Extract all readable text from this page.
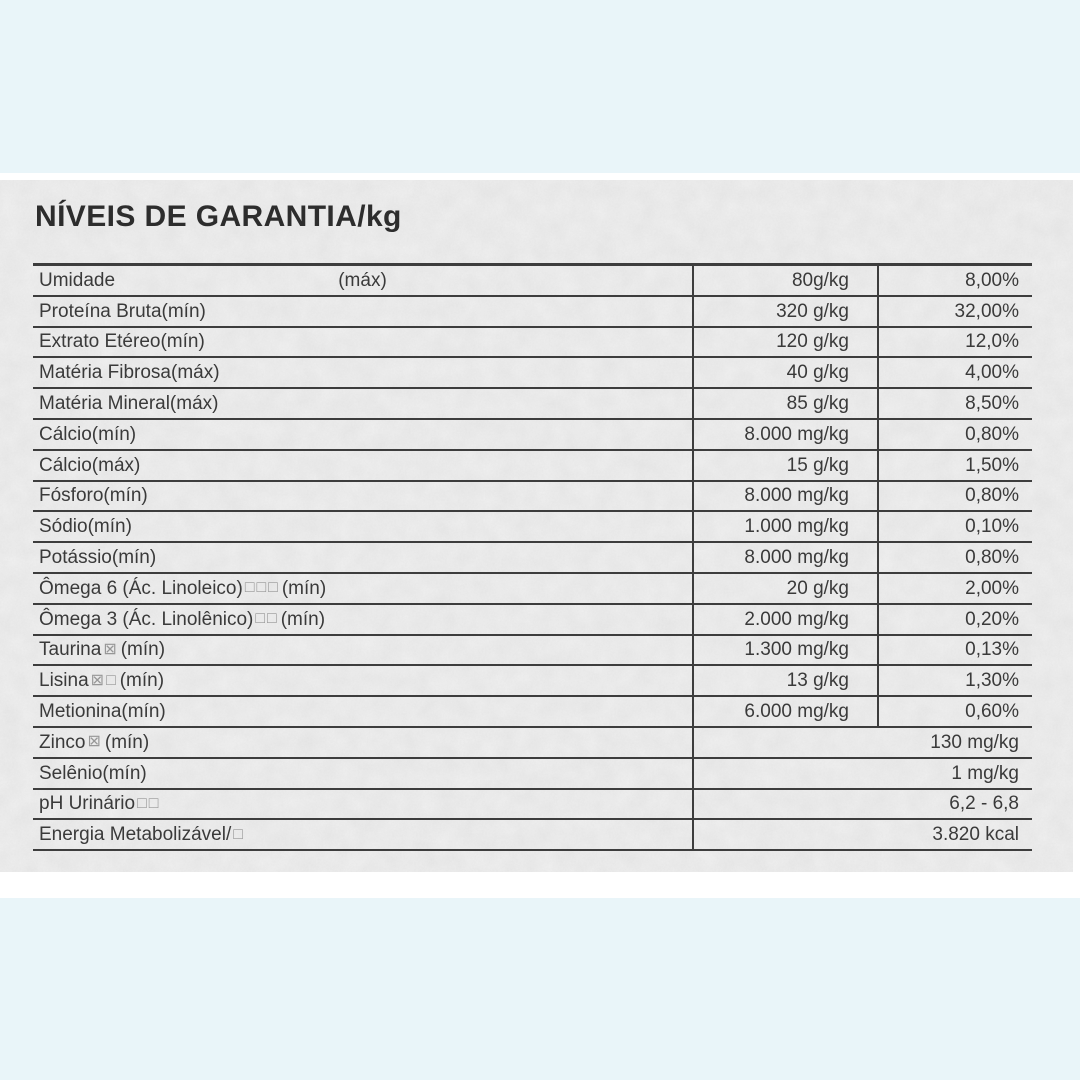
NÍVEIS DE GARANTIA/kg
Umidade	(máx)	80g/kg	8,00%
Proteína Bruta(mín)	320 g/kg	32,00%
Extrato Etéreo(mín)	120 g/kg	12,0%
Matéria Fibrosa(máx)	40 g/kg	4,00%
Matéria Mineral(máx)	85 g/kg	8,50%
Cálcio(mín)	8.000 mg/kg	0,80%
Cálcio(máx)	15 g/kg	1,50%
Fósforo(mín)	8.000 mg/kg	0,80%
Sódio(mín)	1.000 mg/kg	0,10%
Potássio(mín)	8.000 mg/kg	0,80%
Ômega 6 (Ác. Linoleico) □□□ (mín)	20 g/kg	2,00%
Ômega 3 (Ác. Linolênico) □□ (mín)	2.000 mg/kg	0,20%
Taurina ⊠ (mín)	1.300 mg/kg	0,13%
Lisina ⊠□ (mín)	13 g/kg	1,30%
Metionina(mín)	6.000 mg/kg	0,60%
Zinco ⊠ (mín)	130 mg/kg
Selênio(mín)	1 mg/kg
pH Urinário □□	6,2 - 6,8
Energia Metabolizável/ □	3.820 kcal
